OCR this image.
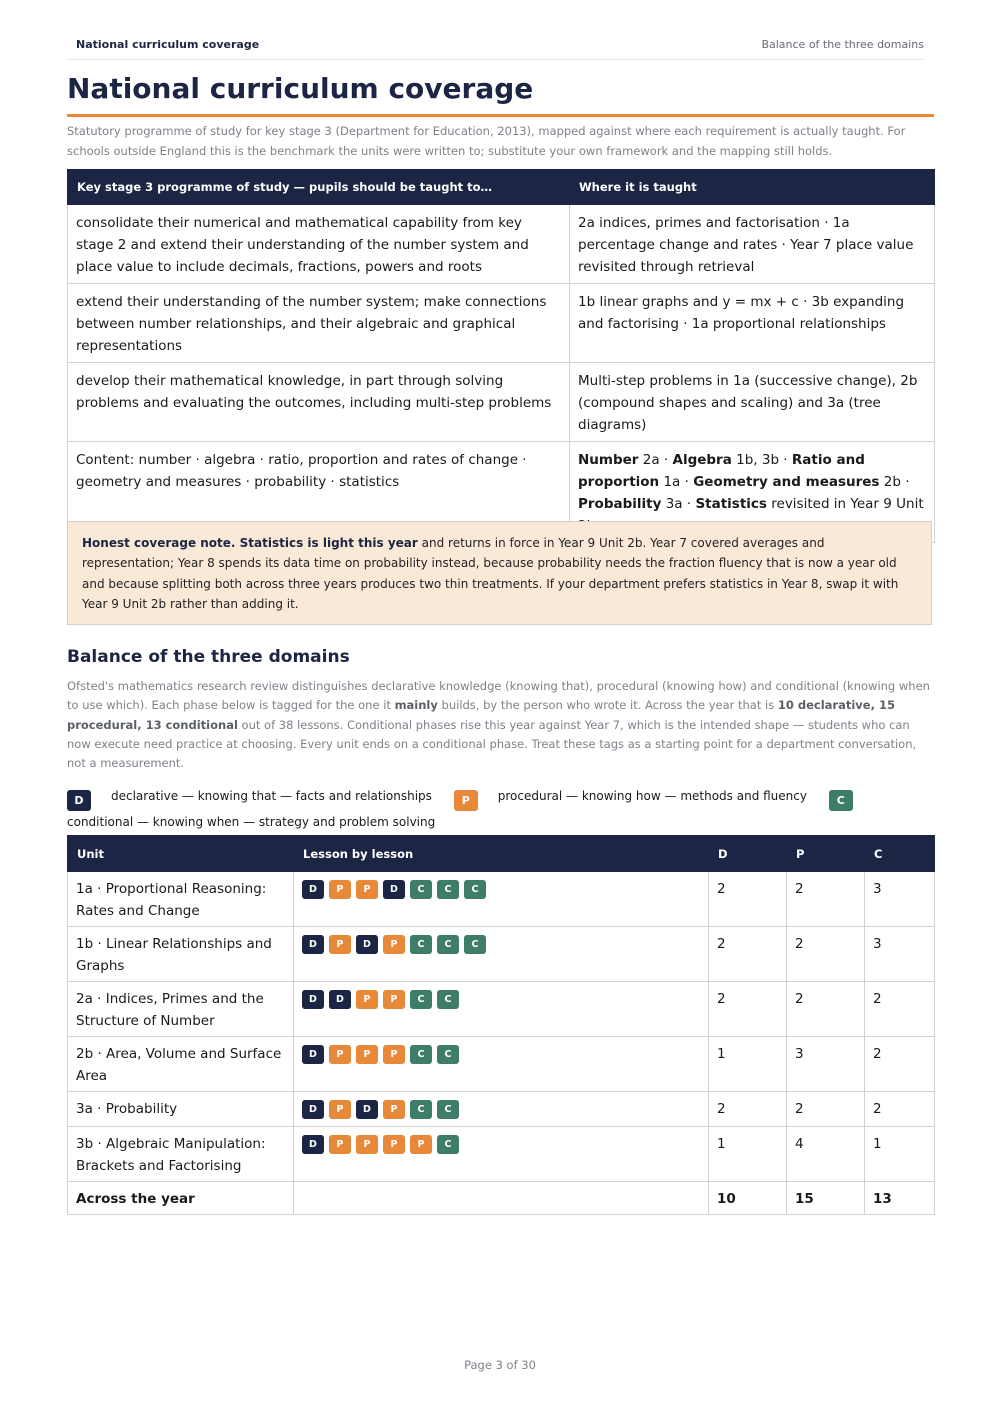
National curriculum coverage	Balance of the three domains
National curriculum coverage

Statutory programme of study for key stage 3 (Department for Education, 2013), mapped against where each requirement is actually taught. For schools outside England this is the benchmark the units were written to; substitute your own framework and the mapping still holds.

Key stage 3 programme of study — pupils should be taught to…	Where it is taught
consolidate their numerical and mathematical capability from key stage 2 and extend their understanding of the number system and place value to include decimals, fractions, powers and roots	2a indices, primes and factorisation · 1a percentage change and rates · Year 7 place value revisited through retrieval
extend their understanding of the number system; make connections between number relationships, and their algebraic and graphical representations	1b linear graphs and y = mx + c · 3b expanding and factorising · 1a proportional relationships
develop their mathematical knowledge, in part through solving problems and evaluating the outcomes, including multi-step problems	Multi-step problems in 1a (successive change), 2b (compound shapes and scaling) and 3a (tree diagrams)
Content: number · algebra · ratio, proportion and rates of change · geometry and measures · probability · statistics	Number 2a · Algebra 1b, 3b · Ratio and proportion 1a · Geometry and measures 2b · Probability 3a · Statistics revisited in Year 9 Unit
Honest coverage note. Statistics is light this year and returns in force in Year 9 Unit 2b. Year 7 covered averages and representation; Year 8 spends its data time on probability instead, because probability needs the fraction fluency that is now a year old and because splitting both across three years produces two thin treatments. If your department prefers statistics in Year 8, swap it with Year 9 Unit 2b rather than adding it.
Balance of the three domains

Ofsted's mathematics research review distinguishes declarative knowledge (knowing that), procedural (knowing how) and conditional (knowing when to use which). Each phase below is tagged for the one it mainly builds, by the person who wrote it. Across the year that is 10 declarative, 15 procedural, 13 conditional out of 38 lessons. Conditional phases rise this year against Year 7, which is the intended shape — students who can now execute need practice at choosing. Every unit ends on a conditional phase. Treat these tags as a starting point for a department conversation, not a measurement.

D declarative — knowing that — facts and relationships	P procedural — knowing how — methods and fluency	Cconditional — knowing when — strategy and problem solving
Unit	Lesson by lesson	D	P	C
1a · Proportional Reasoning: Rates and Change	D P P D C C C	2	2	3
1b · Linear Relationships and Graphs	D P D P C C C	2	2	3
2a · Indices, Primes and the Structure of Number	D D P P C C	2	2	2
2b · Area, Volume and Surface Area	D P P P C C	1	3	2
3a · Probability	D P D P C C	2	2	2
3b · Algebraic Manipulation: Brackets and Factorising	D P P P P C	1	4	1
Across the year		10	15	13
Page 3 of 30
